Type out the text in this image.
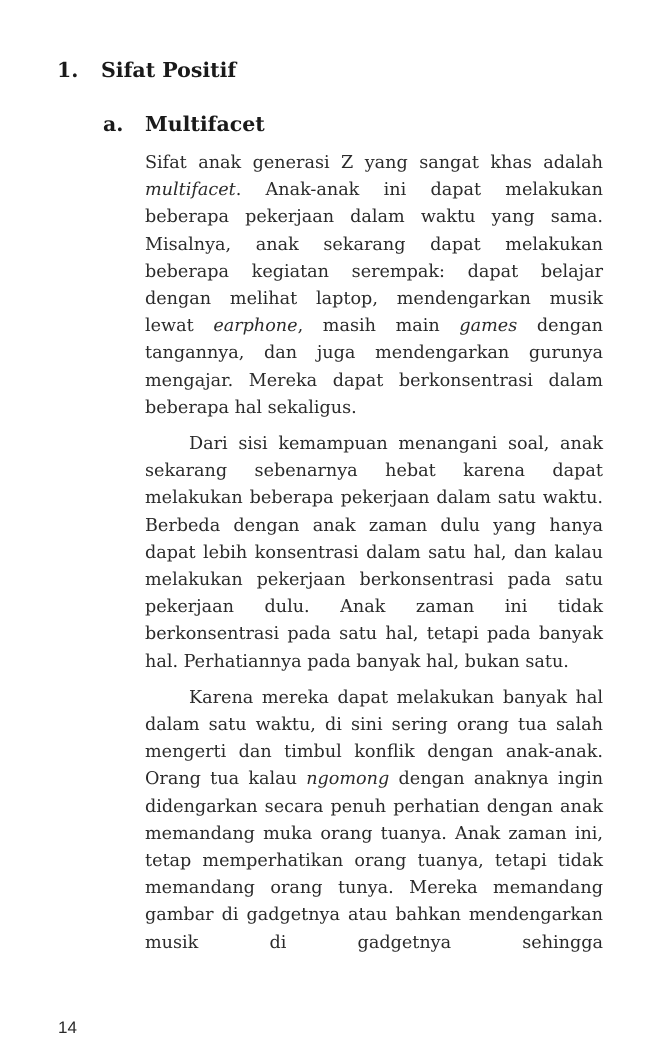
1. Sifat Positif
a. Multifacet

Sifat anak generasi Z yang sangat khas adalah multifacet. Anak-anak ini dapat melakukan beberapa pekerjaan dalam waktu yang sama. Misalnya, anak sekarang dapat melakukan beberapa kegiatan serempak: dapat belajar dengan melihat laptop, mendengarkan musik lewat earphone, masih main games dengan tangannya, dan juga mendengarkan gurunya mengajar. Mereka dapat berkonsentrasi dalam
beberapa hal sekaligus.

Dari sisi kemampuan menangani soal, anak sekarang sebenarnya hebat karena dapat melakukan beberapa pekerjaan dalam satu waktu. Berbeda dengan anak zaman dulu yang hanya dapat lebih konsentrasi dalam satu hal, dan kalau melakukan pekerjaan berkonsentrasi pada satu pekerjaan dulu. Anak zaman ini tidak berkonsentrasi pada satu hal, tetapi pada banyak
hal. Perhatiannya pada banyak hal, bukan satu.

Karena mereka dapat melakukan banyak hal dalam satu waktu, di sini sering orang tua salah mengerti dan timbul konflik dengan anak-anak. Orang tua kalau ngomong dengan anaknya ingin didengarkan secara penuh perhatian dengan anak memandang muka orang tuanya. Anak zaman ini, tetap memperhatikan orang tuanya, tetapi tidak memandang orang tunya. Mereka memandang gambar di gadgetnya atau bahkan mendengarkan musik di gadgetnya sehingga

14
